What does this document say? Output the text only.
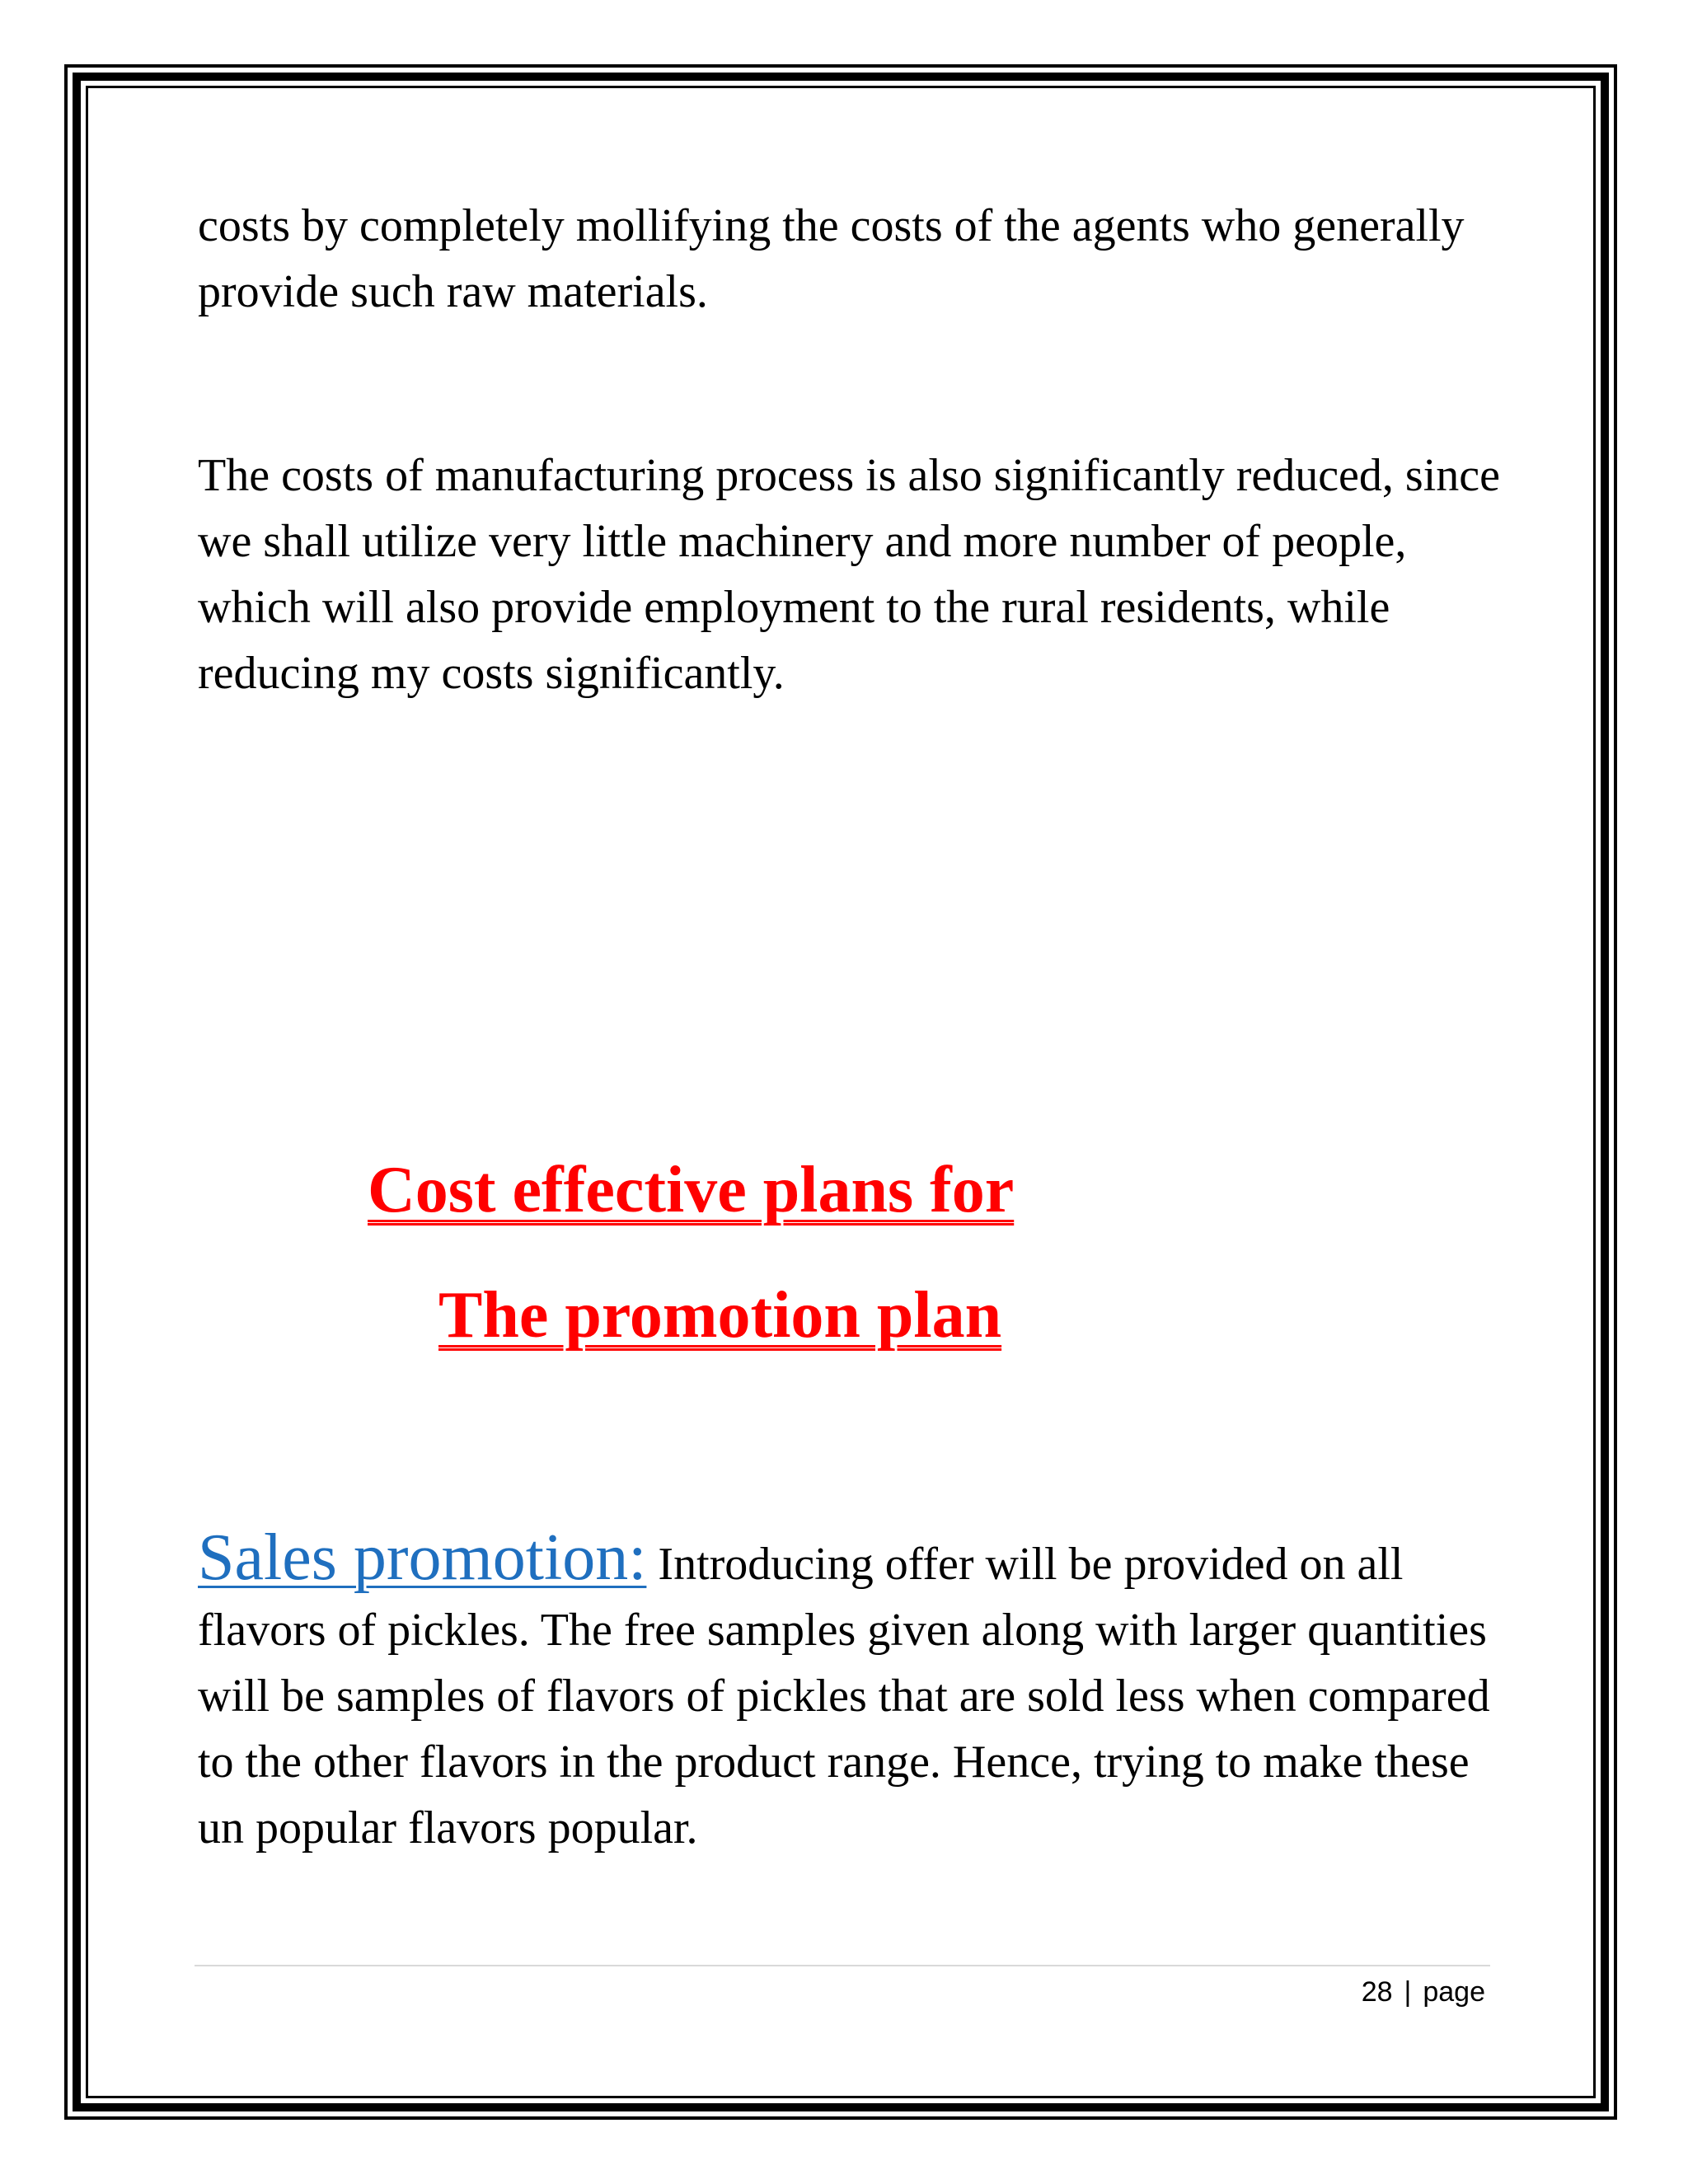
costs by completely mollifying the costs of the agents who generally provide such raw materials.

The costs of manufacturing process is also significantly reduced, since we shall utilize very little machinery and more number of people, which will also provide employment to the rural residents, while reducing my costs significantly.

Cost effective plans for
The promotion plan

Sales promotion: Introducing offer will be provided on all flavors of pickles. The free samples given along with larger quantities will be samples of flavors of pickles that are sold less when compared to the other flavors in the product range. Hence, trying to make these un popular flavors popular.

28 | page
